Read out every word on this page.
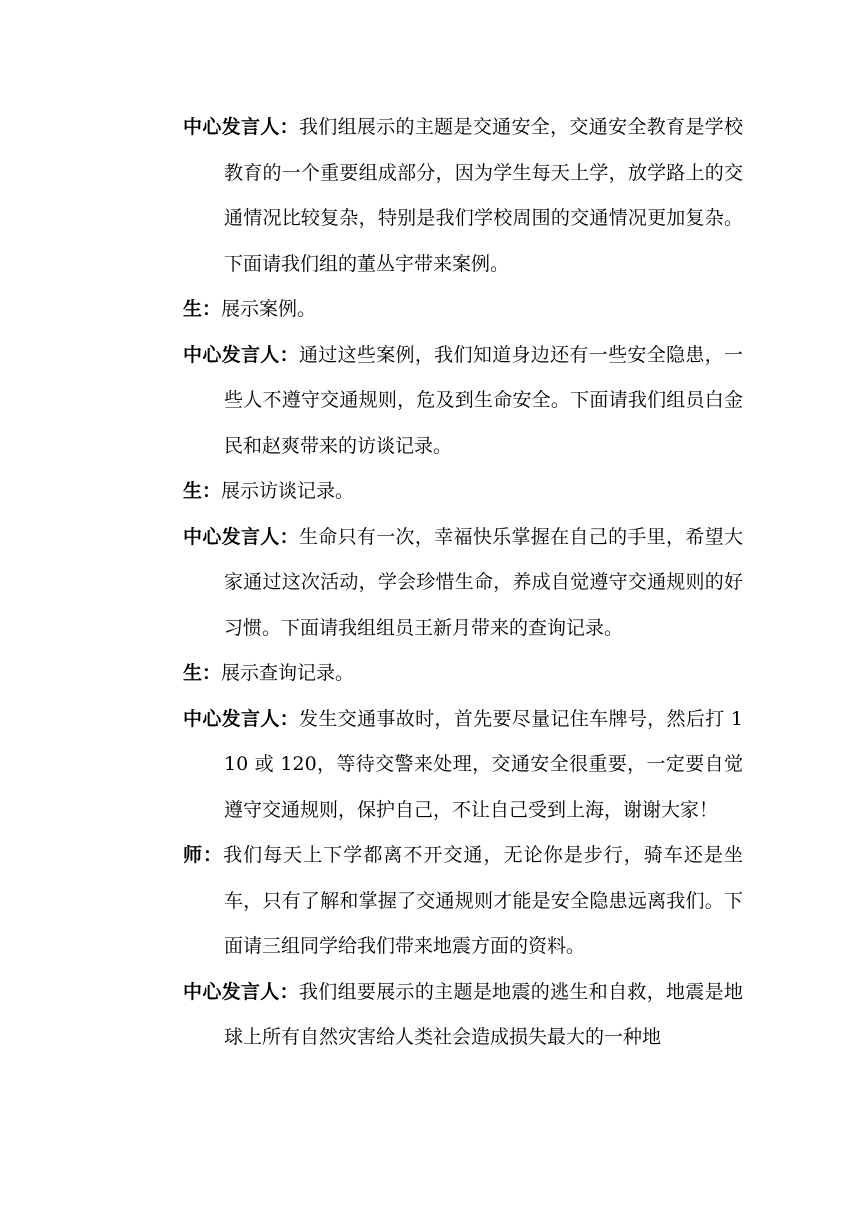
中心发言人：我们组展示的主题是交通安全，交通安全教育是学校教育的一个重要组成部分，因为学生每天上学，放学路上的交通情况比较复杂，特别是我们学校周围的交通情况更加复杂。下面请我们组的董丛宇带来案例。

生：展示案例。

中心发言人：通过这些案例，我们知道身边还有一些安全隐患，一些人不遵守交通规则，危及到生命安全。下面请我们组员白金民和赵爽带来的访谈记录。

生：展示访谈记录。

中心发言人：生命只有一次，幸福快乐掌握在自己的手里，希望大家通过这次活动，学会珍惜生命，养成自觉遵守交通规则的好习惯。下面请我组组员王新月带来的查询记录。

生：展示查询记录。

中心发言人：发生交通事故时，首先要尽量记住车牌号，然后打 110 或 120，等待交警来处理，交通安全很重要，一定要自觉遵守交通规则，保护自己，不让自己受到上海，谢谢大家！

师：我们每天上下学都离不开交通，无论你是步行，骑车还是坐车，只有了解和掌握了交通规则才能是安全隐患远离我们。下面请三组同学给我们带来地震方面的资料。

中心发言人：我们组要展示的主题是地震的逃生和自救，地震是地球上所有自然灾害给人类社会造成损失最大的一种地
